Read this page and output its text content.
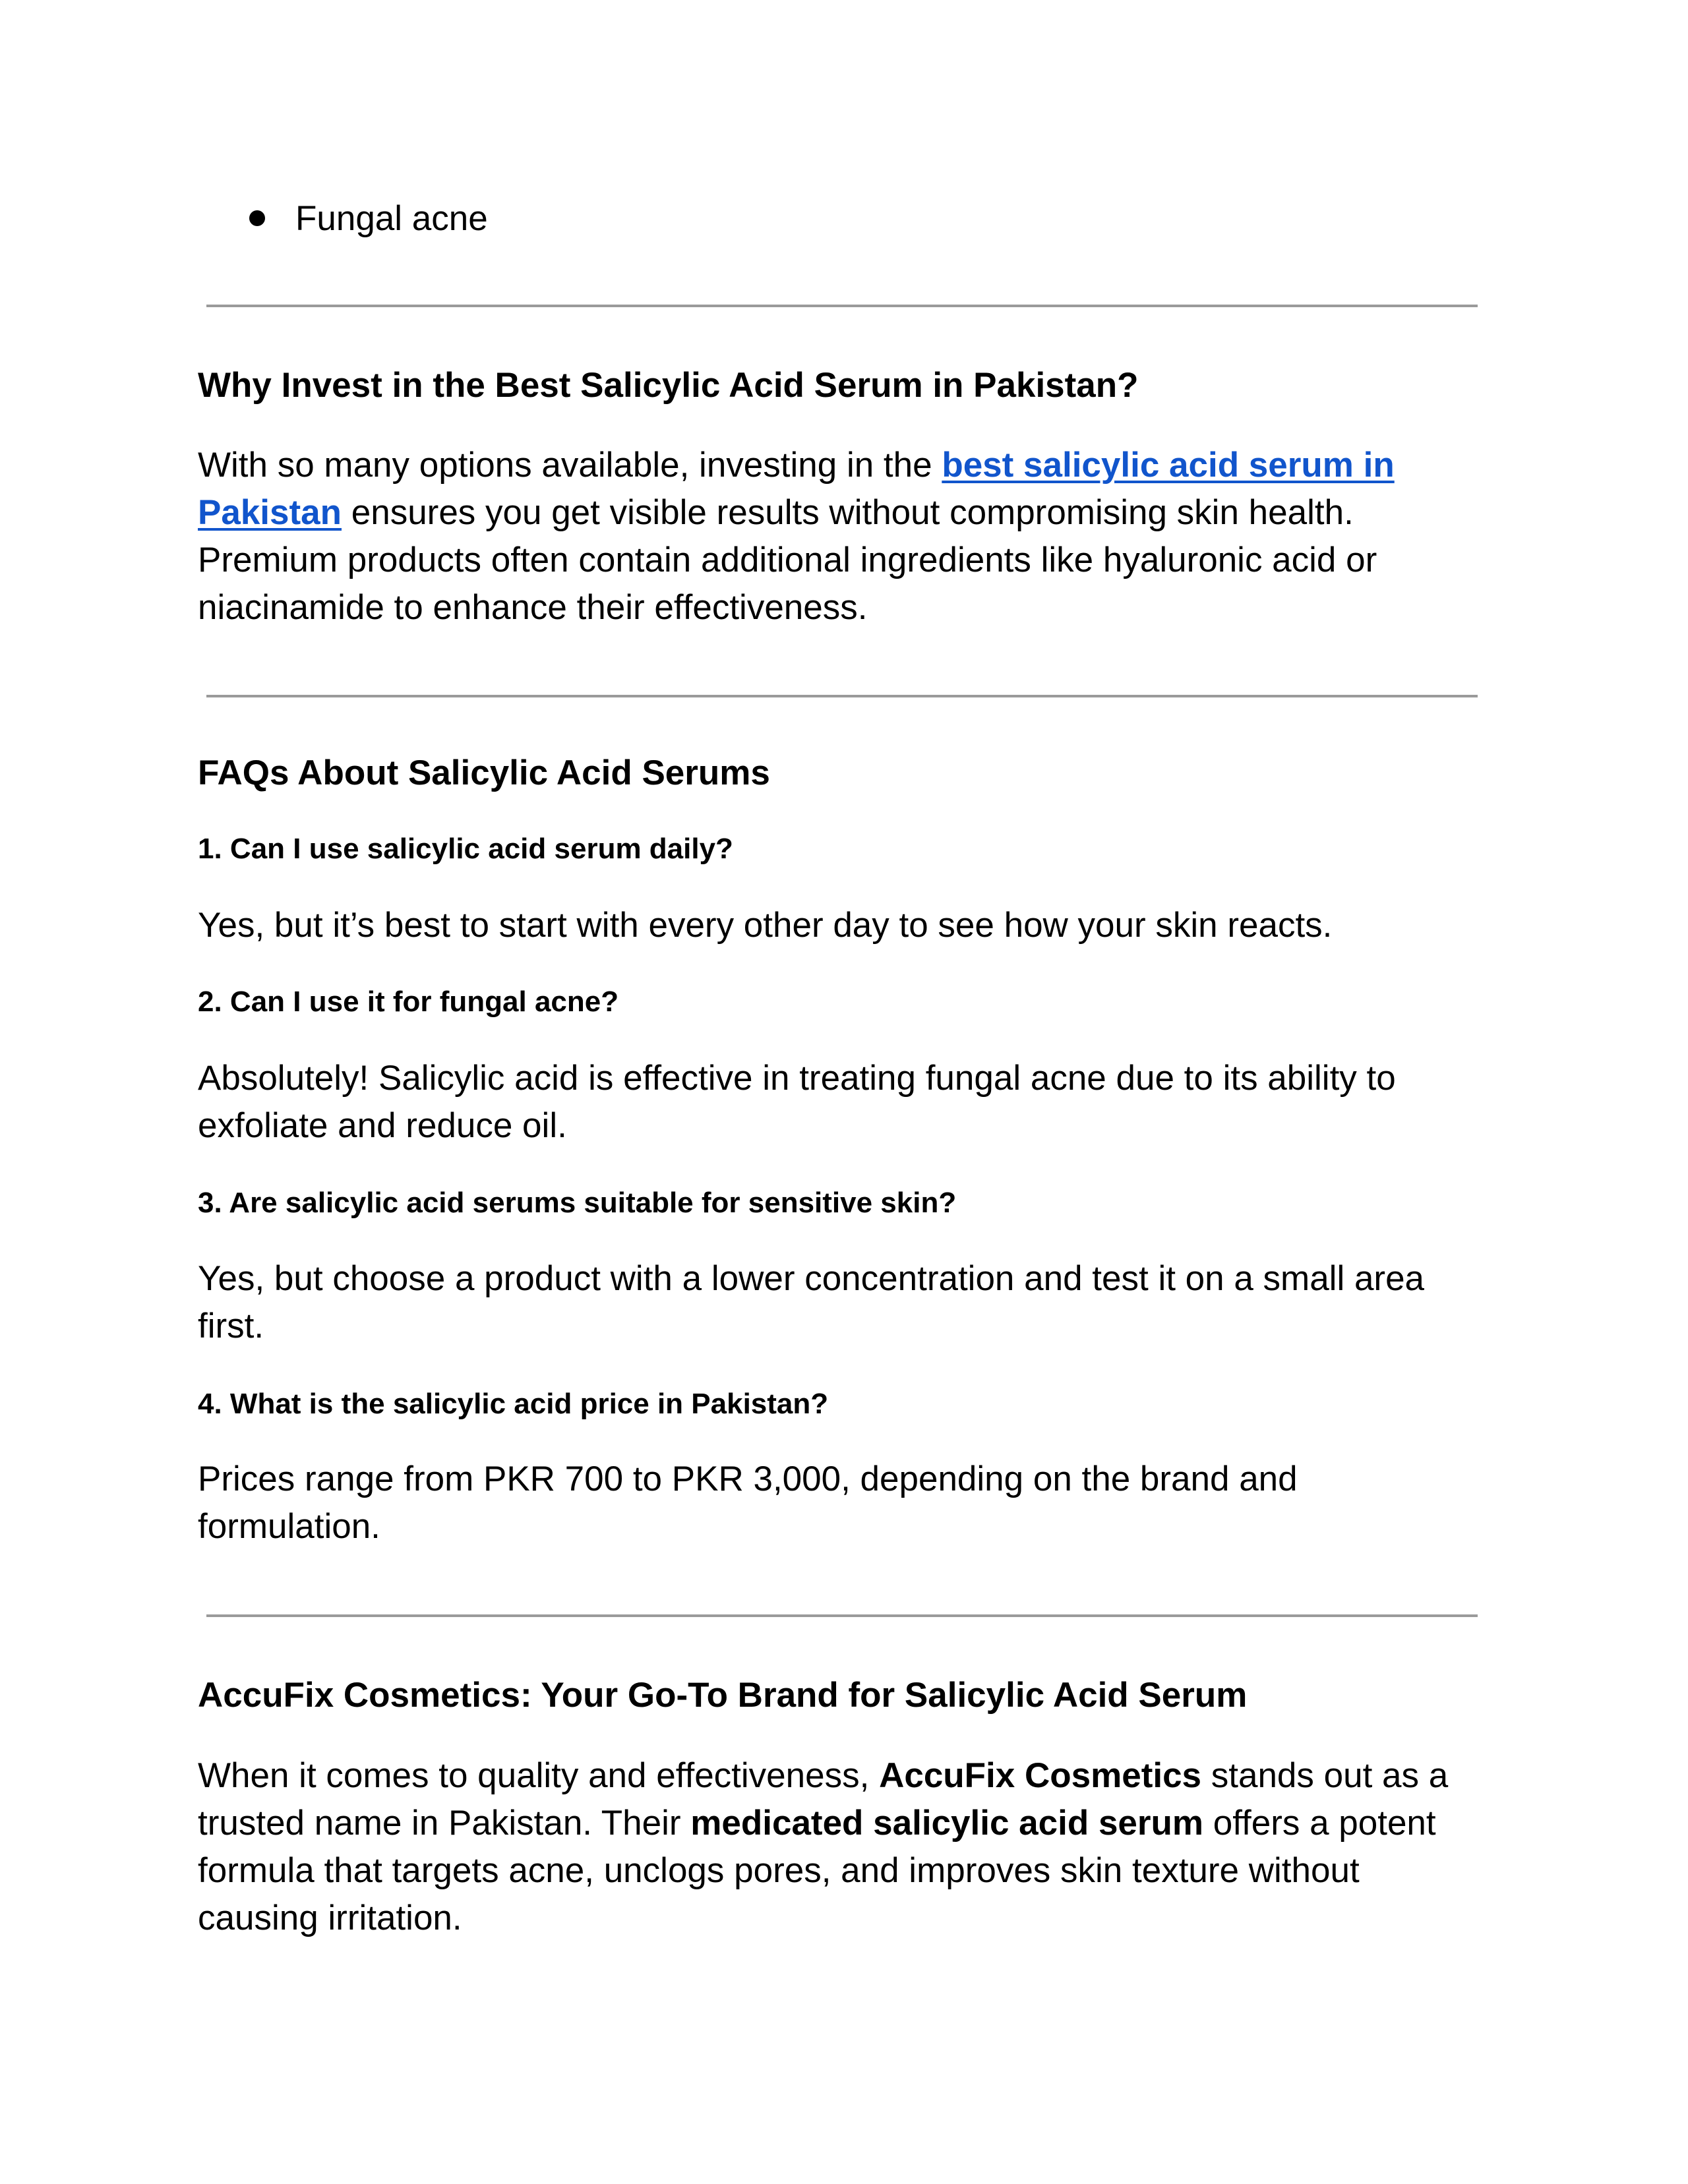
Fungal acne
Why Invest in the Best Salicylic Acid Serum in Pakistan?
With so many options available, investing in the best salicylic acid serum in
Pakistan ensures you get visible results without compromising skin health.
Premium products often contain additional ingredients like hyaluronic acid or
niacinamide to enhance their effectiveness.
FAQs About Salicylic Acid Serums
1. Can I use salicylic acid serum daily?
Yes, but it’s best to start with every other day to see how your skin reacts.
2. Can I use it for fungal acne?
Absolutely! Salicylic acid is effective in treating fungal acne due to its ability to
exfoliate and reduce oil.
3. Are salicylic acid serums suitable for sensitive skin?
Yes, but choose a product with a lower concentration and test it on a small area
first.
4. What is the salicylic acid price in Pakistan?
Prices range from PKR 700 to PKR 3,000, depending on the brand and
formulation.
AccuFix Cosmetics: Your Go-To Brand for Salicylic Acid Serum
When it comes to quality and effectiveness, AccuFix Cosmetics stands out as a
trusted name in Pakistan. Their medicated salicylic acid serum offers a potent
formula that targets acne, unclogs pores, and improves skin texture without
causing irritation.
